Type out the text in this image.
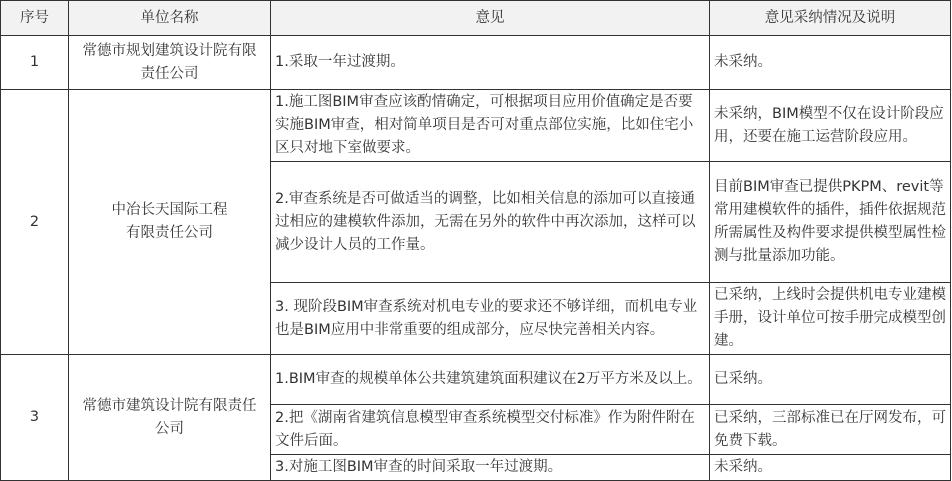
序号	单位名称	意见	意见采纳情况及说明
1	常德市规划建筑设计院有限责任公司	1.采取一年过渡期。	未采纳。
2	中冶长天国际工程有限责任公司	1.施工图BIM审查应该酌情确定，可根据项目应用价值确定是否要实施BIM审查，相对简单项目是否可对重点部位实施，比如住宅小区只对地下室做要求。	未采纳，BIM模型不仅在设计阶段应用，还要在施工运营阶段应用。
		2.审查系统是否可做适当的调整，比如相关信息的添加可以直接通过相应的建模软件添加，无需在另外的软件中再次添加，这样可以减少设计人员的工作量。	目前BIM审查已提供PKPM、revit等常用建模软件的插件，插件依据规范所需属性及构件要求提供模型属性检测与批量添加功能。
		3. 现阶段BIM审查系统对机电专业的要求还不够详细，而机电专业也是BIM应用中非常重要的组成部分，应尽快完善相关内容。	已采纳，上线时会提供机电专业建模手册，设计单位可按手册完成模型创建。
3	常德市建筑设计院有限责任公司	1.BIM审查的规模单体公共建筑建筑面积建议在2万平方米及以上。	已采纳。
		2.把《湖南省建筑信息模型审查系统模型交付标准》作为附件附在文件后面。	已采纳，三部标准已在厅网发布，可免费下载。
		3.对施工图BIM审查的时间采取一年过渡期。	未采纳。
